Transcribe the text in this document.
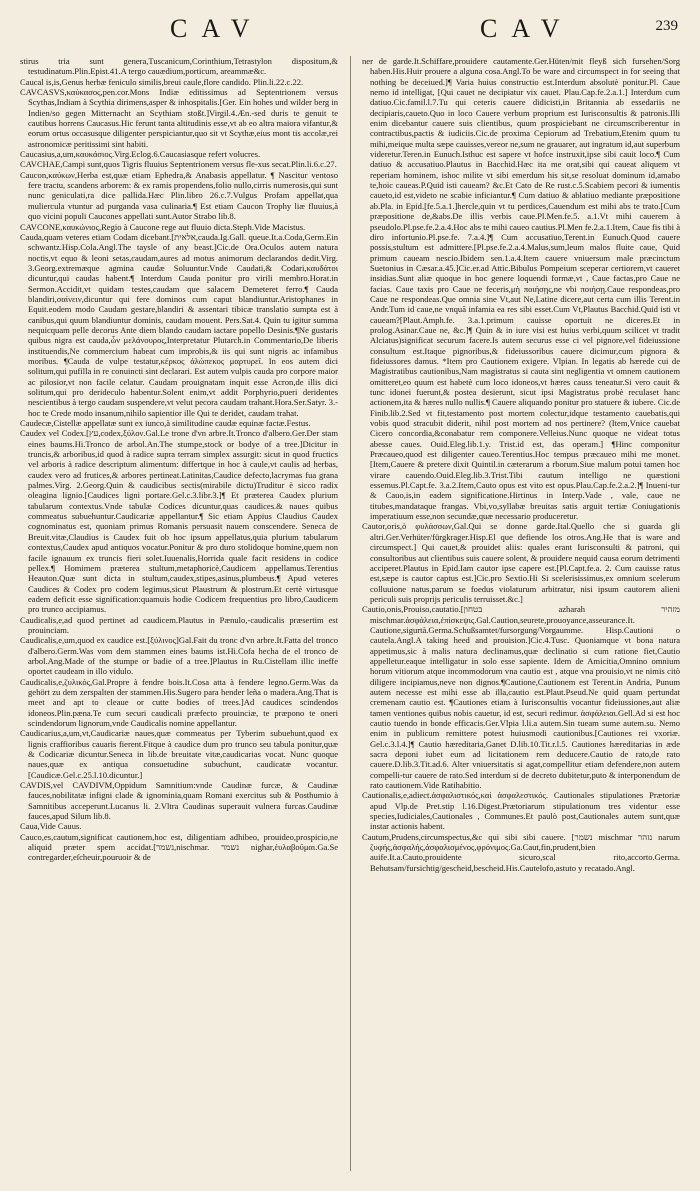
CAV	CAV	239

stirus tria sunt genera,Tuscanicum,Corinthium,Tetrastylon dispositum,& testudinatum.Plin.Epist.41.A tergo cauædium,porticum, areammæ&c.

Caucal is,is,Genus herbæ feniculo similis,breui caule,flore candido. Plin.li.22.c.22.

CAVCASVS,καύκασος,pen.cor.Mons Indiæ editissimus ad Septentrionem versus Scythas,Indiam à Scythia dirimens,asper & inhospitalis.[Ger. Ein hohes und wilder berg in Indien/so gegen Mitternacht an Scythiam stoßt.]Virgil.4.Æn.-sed duris te genuit te cautibus horrens Caucasus.Hic ferunt tanta altitudinis esse,vt ab eo altra maiora vifantur,& eorum ortus occasusque diligenter perspiciantur,quo sit vt Scythæ,eius mont tis accolæ,rei astronomicæ peritissimi sint habiti.

Caucasius,a,um,καυκάσιος.Virg.Eclog.6.Caucasiasque refert volucres.

CAVCHAE,Campi sunt,quos Tigris fluuius Septentrionem versus fle-xus secat.Plin.li.6.c.27.

Caucon,καύκων,Herba est,quæ etiam Ephedra,& Anabasis appellatur. ¶ Nascitur ventoso fere tractu, scandens arborem: & ex ramis propendens,folio nullo,cirris numerosis,qui sunt nunc geniculati,ra dice pallida.Hæc Plin.libro 26.c.7.Vulgus Profam appellat,qua muliercula vtuntur ad purganda vasa culinaria.¶ Est etiam Caucon Trophy liæ fluuius,à quo vicini populi Caucones appellati sunt.Autor Strabo lib.8.

CAVCONE,καυκώνιος,Regio à Caucone rege aut fluuio dicta.Steph.Vide Macistus.

Cauda,quam veteres etiam Codam dicebant.[אלאית,cauda.Ig.Gall. queue.It.a.Coda,Germ.Ein schwantz.Hisp.Cola.Angl.The taysle of any beast.]Cic.de Ora.Oculos autem natura noctis,vt equo & leoni setas,caudam,aures ad motus animorum declarandos dedit.Virg. 3.Georg.extremæque agmina caudæ Soluuntur.Vnde Caudati,& Codari,καυδάτοι dicuntur,qui caudas habent.¶ Interdum Cauda ponitur pro virili membro.Horat.in Sermon.Accidit,vt quidam testes,caudam que salacem Demeteret ferro.¶ Cauda blandiri,σαίνειν,dicuntur qui fere dominos cum caput blandiuntur.Aristophanes in Equit.eodem modo Caudam gestare,blandiri & assentari tibicæ translatio sumpta est à canibus,qui quum blandiuntur dominis, caudam mouent. Pers.Sat.4. Quin tu igitur summa nequicquam pelle decorus Ante diem blando caudam iactare popello Desinis.¶Ne gustaris quibus nigra est cauda,ὧν μελάνουρος,Interpretatur Plutarch.in Commentario,De liberis instituendis,Ne commercium habeat cum improbis,& iis qui sunt nigris ac infamibus moribus. ¶Cauda de vulpe testatur,κέρκος ἀλώπεκος μαρτυρεῖ. In eos autem dici solitum,qui pufilla in re conuincti sint declarari. Est autem vulpis cauda pro corpore maior ac pilosior,vt non facile celatur. Caudam prouignatam inquit esse Acron,de illis dici solitum,qui pro derideculo habentur.Solent enim,vt addit Porphyrio,pueri deridentes nescientibus à tergo caudam suspendere,vt velut pecora caudam trahant.Hora.Ser.Satyr. 3.-hoc te Crede modo insanum,nihilo sapientior ille Qui te deridet, caudam trahat.

Caudecæ,Cistellæ appellatæ sunt ex iunco,à similitudine caudæ equinæ factæ.Festus.

Caudex vel Codex.[עץ,codex,ξύλον.Gal.Le trone d'vn arbre.It.Tronco d'albero.Ger.Der stam eines baums.Hi.Tronco de arbol.An.The stumpe,stock or bodye of a tree.]Dicitur in truncis,& arboribus,id quod à radice supra terram simplex assurgit: sicut in quod fructics vel arboris à radice descriptum alimentum: differtque in hoc à caule,vt caulis ad herbas, caudex vero ad frutices,& arbores pertineat.Latinitas,Caudice defecto,lacrymas fua grana palmes.Virg. 2.Georg.Quin & caudicibus sectis(mirabile dictu)Truditur è sicco radix oleagina lignio.[Caudices ligni portare.Gel.c.3.libr.3.]¶ Et præterea Caudex plurium tabularum contextus.Vnde tabulæ Codices dicuntur,quas caudices.& naues quibus commeatus subuehuntur.Caudicariæ appellantur.¶ Sic etiam Appius Claudius Caudex cognominatus est, quoniam primus Romanis persuasit nauem conscendere. Seneca de Breuit.vitæ,Claudius is Caudex fuit ob hoc ipsum appellatus,quia plurium tabularum contextus,Caudex apud antiquos vocatur.Ponitur & pro duro stolidoque homine,quem non facile ignauum ex truncis fieri solet.Iuuenalis,Horrida quale facit residens in codice pellex.¶ Homimem præterea stultum,metaphoricè,Caudicem appellamus.Terentius Heauton.Quæ sunt dicta in stultum,caudex,stipes,asinus,plumbeus.¶ Apud veteres Caudices & Codex pro codem legimus,sicut Plaustrum & plostrum.Et certè virtusque eadem deficit esse signification:quamuis hodie Codicem frequentius pro libro,Caudicem pro trunco accipiamus.

Caudicalis,e,ad quod pertinet ad caudicem.Plautus in Pænulo,-caudicalis præsertim est prouinciam.

Caudicalis,e,um,quod ex caudice est.[ξύλινος]Gal.Fait du tronc d'vn arbre.It.Fatta del tronco d'albero.Germ.Was vom dem stammen eines baums ist.Hi.Cofa hecha de el tronco de arbol.Ang.Made of the stumpe or badie of a tree.]Plautus in Ru.Cistellam illic ineffe oportet caudeam in illo vidulo.

Caudicalis,e,ζυλικός,Gal.Propre à fendre bois.It.Cosa atta à fendere legno.Germ.Was da gehört zu dem zerspalten der stammen.His.Sugero para hender leña o madera.Ang.That is meet and apt to cleaue or cutte bodies of trees.]Ad caudices scindendos idoneos.Plin.pæna.Te cum securi caudicali præfecto prouinciæ, te præpono te oneri scindendorum lignorum,vnde Caudicalis nomine appellantur.

Caudicarius,a,um,vt,Caudicariæ naues,quæ commeatus per Tyberim subuehunt,quod ex lignis craffioribus cauaris fierent.Fitque à caudice dum pro trunco seu tabula ponitur,quæ & Codicariæ dicuntur.Seneca in lib.de breuitate vitæ,caudicarias vocat. Nunc quoque naues,quæ ex antiqua consuetudine subuchunt, caudicatæ vocantur. [Caudicæ.Gel.c.25.l.10.dicuntur.]

CAVDIS,vel CAVDIVM,Oppidum Samnitium:vnde Caudinæ furcæ, & Caudinæ fauces,nobilitatæ infigni clade & ignominia,quam Romani exercitus sub & Posthumio à Samnitibus acceperunt.Lucanus li. 2.Vltra Caudinas superauit vulnera furcas.Caudinæ fauces,apud Silum lib.8.

Caua,Vide Cauus.

Cauco,es,cautum,significat cautionem,hoc est, diligentiam adhibeo, prouideo,prospicio,ne aliquid præter spem accidat.[נשמר,nischmar. נשמר nighar,ἐυλαβοῦμαι.Ga.Se contregarder,eſcheuir,pouruoir & de

ner de garde.It.Schiffare,prouidere cautamente.Ger.Hüten/mit fleyß sich fursehen/Sorg haben.His.Huir prouere a alguna cosa.Angl.To be ware and circumspect in for seeing that nothing be deceiued.]¶ Varia huius constructio est.Interdum absolutè ponitur.Pl. Caue nemo id intelligat, [Qui cauet ne decipiatur vix cauet. Plau.Cap.fe.2.a.1.] Interdum cum datiuo.Cic.famil.l.7.Tu qui ceteris cauere didicisti,in Britannia ab essedariis ne decipiaris,caueto.Quo in loco Cauere verbum proprium est Iurisconsultis & patronis.Illi enim dicebantur cauere suis clientibus, quum prospiciebant ne circumscriberentur in contractibus,pactis & iudiciis.Cic.de proxima Cepiorum ad Trebatium,Etenim quum tu mihi,meique multa sæpe cauisses,vereor ne,sum ne grauarer, aut ingratum id,aut superbum videretur.Teren.in Eunuch.Isthuc est sapere vt hofce instruxit,ipse sibi cauit loco.¶ Cum datiuo & accusatiuo.Plautus in Bacchid.Hæc ita me orat,sibi qui caueat aliquem vt reperiam hominem, ishoc milite vt sibi emerdum his sit,se resoluat dominum id,amabo te,hoic caueas.P.Quid isti caueam? &c.Et Cato de Re rust.c.5.Scabiem pecori & iumentis caueto,id est,videto ne scabie inficiantur.¶ Cum datiuo & ablatiuo mediante præpositione ab.Pla. in Epid.[fe.5.a.1.]hercle,quin vt tu perdices,Cauendum est mihi abs te trato.[Cum præpositione de,&abs.De illis verbis caue.Pl.Men.fe.5. a.1.Vt mihi cauerem à pseudolo.Pl.pse.fe.2.a.4.Hoc abs te mihi caueo cautius.Pl.Men fe.2.a.1.Item, Caue fis tibi à diro infortunio.Pl.pse.fe. 7.a.4.]¶ Cum accusatiuo,Terent.in Eunuch.Quod cauere possis,stultum est admittere.[Pl.pse.fe.2.a.4.Malus,sum,leum malos fluite caue, Quid primum caueam nescio.Ibidem sen.1.a.4.Item cauere vniuersum male præcinctum Suetonius in Cæsar.a.45.]Cic.er.ad Attic.Bibulus Pompeium sceperar certiorem,vt caueret insidias.Sunt aliæ quoque in hoc genere loquendi formæ,vt , Caue factas,pro Caue ne facias. Caue taxis pro Caue ne feceris,μὴ ποιήσῃς,ne vbi ποιήσῃ.Caue respondeas,pro Caue ne respondeas.Que omnia sine Vt,aut Ne,Latine dicere,aut certa cum illis Terent.in Andr.Tum id caue,ne vnquã infamia ea res sibi esset.Cum Vt,Plautus Bacchid.Quid isti vt caueam?[Plaut.Amph.fe. 3.a.1.primum cauisse oportuit ne diceres.Et in prolog.Asinar.Caue ne, &c.]¶ Quin & in iure visi est huius verbi,quum scilicet vt tradit Alciatus)significat securum facere.Is autem securus esse ci vel pignore,vel fideiussione consultum est.Itaque pignoribus,& fideiussoribus cauere dicimur,cum pignora & fideiussores damus. *Item pro Cautionem exigere. Vlpian. In legatis ab hærede cui de Magistratibus cautionibus,Nam magistratus si cauta sint negligentia vt omnem cautionem omitteret,eo quum est habetè cum loco idoneos,vt hæres causs teneatur.Si vero cauit & tunc idonei fuerunt,& postea desierunt, sicut ipsi Magistratus probè reculaset hanc actionem,ita & hæres nullo nullis.¶ Cauere aliquando ponitur pro statuere & iubere. Cic.de Finib.lib.2.Sed vt fit,testamento post mortem colectur,idque testamento cauebatis,qui vobis quod stracubit diderit, nihil post mortem ad nos pertinere? (Item,Vnice cauebat Cicero concordia,&conabatur rem componere.Velleius.Nunc quoque ne videat totus abesse caues. Ouid.Eleg.lib.1.y. Trist.id est, das operam.] ¶Hinc componitur Præcaueo,quod est diligenter caueo.Terentius.Hoc tempus præcaueo mihi me monet.[Item,Cauere & pretere dixit Quintil.in cæterarum a rborum.Siue malum potui tamen hoc virare cauendo.Ouid.Eleg.lib.3.Trist.Tibi cautum intelligo ne quæstioni essemus.Pl.Capt.fe. 3.a.2.Item,Cauto opus est vito est opus.Plau.Cap.fe.2.a.2.]¶ Inueni-tur & Cauo,is,in eadem significatione.Hirtinus in Interp.Vade , vale, caue ne titubes,mandataque frangas. Vbi,vo,syllabæ breuitas satis arguit tertiæ Coniugationis imperatiuum esse,non secundæ,quæ necessario produceretur.

Cautor,oris,ὁ φυλάσσων,Gal.Qui se donne garde.Ital.Quello che si guarda gli altri.Ger.Verhüter/fürgkrager.Hisp.El que defiende los otros.Ang.He that is ware and circumspect.] Qui cauet,& prouidet aliis: quales erant Iurisconsulti & patroni, qui consultoribus aut clientibus suis cauere solent, & prouidere nequid causa eorum detrimenti acciperet.Plautus in Epid.Iam cautor ipse capere est.[Pl.Capt.fe.a. 2. Cum cauisse ratus est,sæpe is cautor captus est.]Cic.pro Sextio.Hi Si scelerisissimus,ex omnium scelerum colluuione natus,parum se foedus violaturum arbitratur, nisi ipsum cautorem alieni periculi suis proprijs periculis terruisset.&c.]

Cautio,onis,Prouiso,cautatio.[בטחון azharah מזהיר mischmar.ἀσφάλεια,ἐπίσκεψις.Gal.Caution,seurete,prouoyance,asseurance.It. Cautione,sigurtà.Germa.Schußsamtet/fursorgung/Vorgaumme. Hisp.Cautioni o cautela.Angl.A taking heed and prouision.]Cic.4.Tusc. Quoniamque vt bona natura appetimus,sic à malis natura declinamus,quæ declinatio si cum ratione fiet,Cautio appelletur.eaque intelligatur in solo esse sapiente. Idem de Amicitia,Omnino omnium horum vitiorum atque incommodorum vna cautio est , atque vna prouisio,vt ne nimis citò diligere incipiamus,neve non dignos.¶Cautione,Cautionem est Terent.in Andria, Punum autem necesse est mihi esse ab illa,cautio est.Plaut.Pseud.Ne quid quam pertundat cremenam cautio est. ¶Cautiones etiam à Iurisconsultis vocantur fideiussiones,aut aliæ tamen ventiones quibus nobis cauetur, id est, securi redimur. ἀσφάλειαι.Gell.Ad si est hoc cautio tuendo in bonde efficacis.Ger.Vlpia l.li.a autem.Sin tueam sume autem.su. Nemo enim in publicum remittere potest huiusmodi cautionibus.[Cautiones rei vxoriæ. Gel.c.3.l.4.]¶ Cautio hæreditaria,Ganet D.lib.10.Tit.r.l.5. Cautiones hæreditarias in æde sacra deponi iubet eum ad licitationem rem deducere.Cautio de rato,de rato cauere.D.lib.3.Tit.ad.6. Alter vniuersitatis si agat,compellitur etiam defendere,non autem compelli-tur cauere de rato.Sed interdum si de decreto dubitetur,puto & interponendum de rato cautionem.Vide Ratihabitio.

Cautionalis,e,adiect.ἀσφαλιστικός,καὶ ἀσφαλεστικός. Cautionales stipulationes Prætoriæ apud Vlp.de Pret.stip l.16.Digest.Prætoriarum stipulationum tres videntur esse species,Iudiciales,Cautionales , Communes.Et paulò post,Cautionales autem sunt,quæ instar actionis habent.

Cautum,Prudens,circumspectus,&c qui sibi sibi cauere. [נשמר mischmar נזהר narum ζυφής,ἀσφαλής,ἀσφαλισμένος,φρόνιμος.Ga.Caut,fin,prudent,bien auife.It.a.Cauto,prouidente sicuro,scal rito,accorto.Germa. Behutsam/fursichtig/gescheid,bescheid.His.Cautelofo,astuto y recatado.Angl.
